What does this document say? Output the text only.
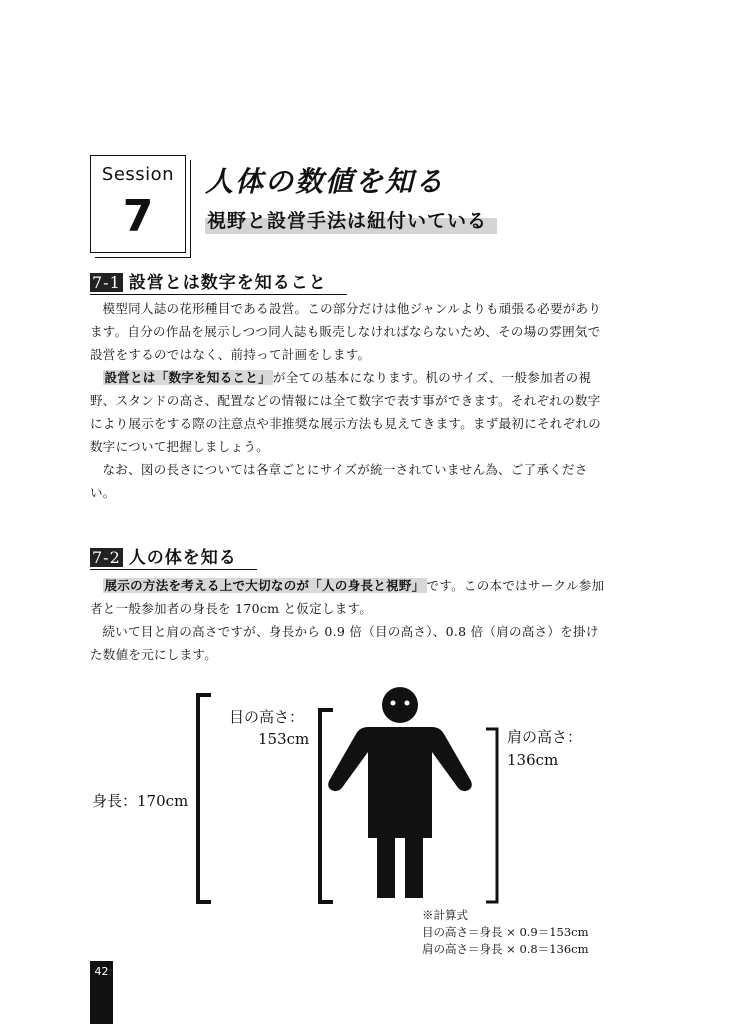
Session
7
人体の数値を知る
視野と設営手法は紐付いている
7-1 設営とは数字を知ること

模型同人誌の花形種目である設営。この部分だけは他ジャンルよりも頑張る必要があります。自分の作品を展示しつつ同人誌も販売しなければならないため、その場の雰囲気で設営をするのではなく、前持って計画をします。

設営とは「数字を知ること」 が全ての基本になります。机のサイズ、一般参加者の視野、スタンドの高さ、配置などの情報には全て数字で表す事ができます。それぞれの数字により展示をする際の注意点や非推奨な展示方法も見えてきます。まず最初にそれぞれの数字について把握しましょう。

なお、図の長さについては各章ごとにサイズが統一されていません為、ご了承ください。

7-2 人の体を知る

展示の方法を考える上で大切なのが「人の身長と視野」 です。この本ではサークル参加者と一般参加者の身長を 170cm と仮定します。

続いて目と肩の高さですが、身長から 0.9 倍（目の高さ）、0.8 倍（肩の高さ）を掛けた数値を元にします。

身長：170cm
目の高さ：
153cm	肩の高さ：
136cm
※計算式
目の高さ＝身長 × 0.9＝153cm
肩の高さ＝身長 × 0.8＝136cm
42
